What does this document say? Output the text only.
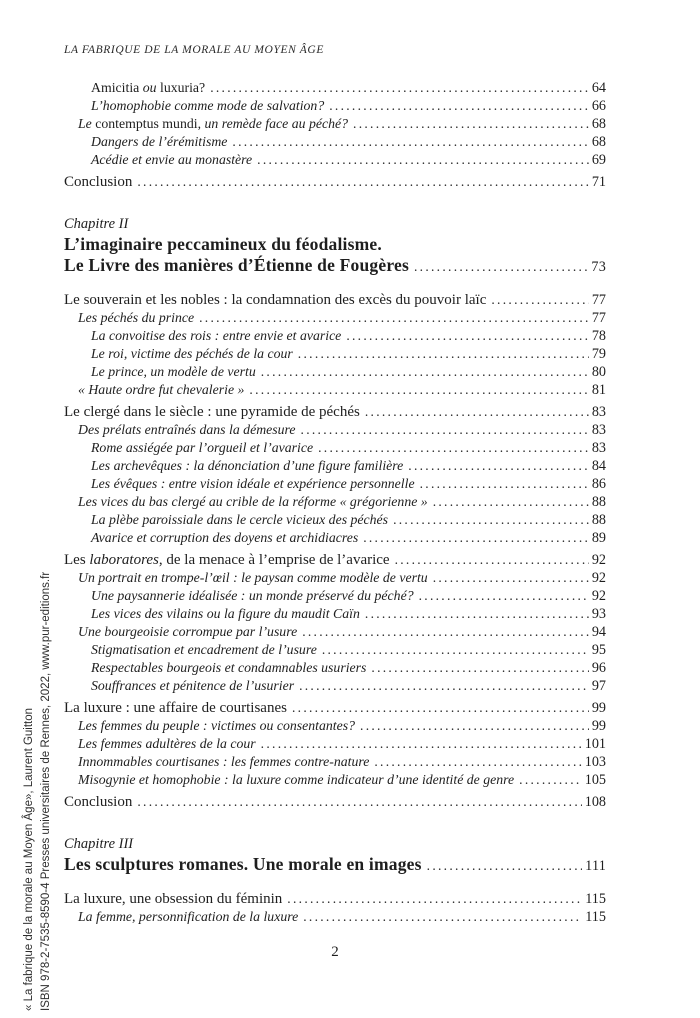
LA FABRIQUE DE LA MORALE AU MOYEN ÂGE
« La fabrique de la morale au Moyen Âge», Laurent Guitton ISBN 978-2-7535-8590-4 Presses universitaires de Rennes, 2022, www.pur-editions.fr
Amicitia ou luxuria? .....	64
L’homophobie comme mode de salvation? .....	66
Le contemptus mundi, un remède face au péché? .....	68
Dangers de l’érémitisme .....	68
Acédie et envie au monastère .....	69
Conclusion .....	71
Chapitre II
L’imaginaire peccamineux du féodalisme.
Le Livre des manières d’Étienne de Fougères .....	73
Le souverain et les nobles : la condamnation des excès du pouvoir laïc .....	77
Les péchés du prince .....	77
La convoitise des rois : entre envie et avarice .....	78
Le roi, victime des péchés de la cour .....	79
Le prince, un modèle de vertu .....	80
« Haute ordre fut chevalerie » .....	81
Le clergé dans le siècle : une pyramide de péchés .....	83
Des prélats entraînés dans la démesure .....	83
Rome assiégée par l’orgueil et l’avarice .....	83
Les archevêques : la dénonciation d’une figure familière .....	84
Les évêques : entre vision idéale et expérience personnelle .....	86
Les vices du bas clergé au crible de la réforme « grégorienne » .....	88
La plèbe paroissiale dans le cercle vicieux des péchés .....	88
Avarice et corruption des doyens et archidiacres .....	89
Les laboratores, de la menace à l’emprise de l’avarice .....	92
Un portrait en trompe-l’œil : le paysan comme modèle de vertu .....	92
Une paysannerie idéalisée : un monde préservé du péché? .....	92
Les vices des vilains ou la figure du maudit Caïn .....	93
Une bourgeoisie corrompue par l’usure .....	94
Stigmatisation et encadrement de l’usure .....	95
Respectables bourgeois et condamnables usuriers .....	96
Souffrances et pénitence de l’usurier .....	97
La luxure : une affaire de courtisanes .....	99
Les femmes du peuple : victimes ou consentantes? .....	99
Les femmes adultères de la cour .....	101
Innommables courtisanes : les femmes contre-nature .....	103
Misogynie et homophobie : la luxure comme indicateur d’une identité de genre .....	105
Conclusion .....	108
Chapitre III
Les sculptures romanes. Une morale en images .....	111
La luxure, une obsession du féminin .....	115
La femme, personnification de la luxure .....	115
2
